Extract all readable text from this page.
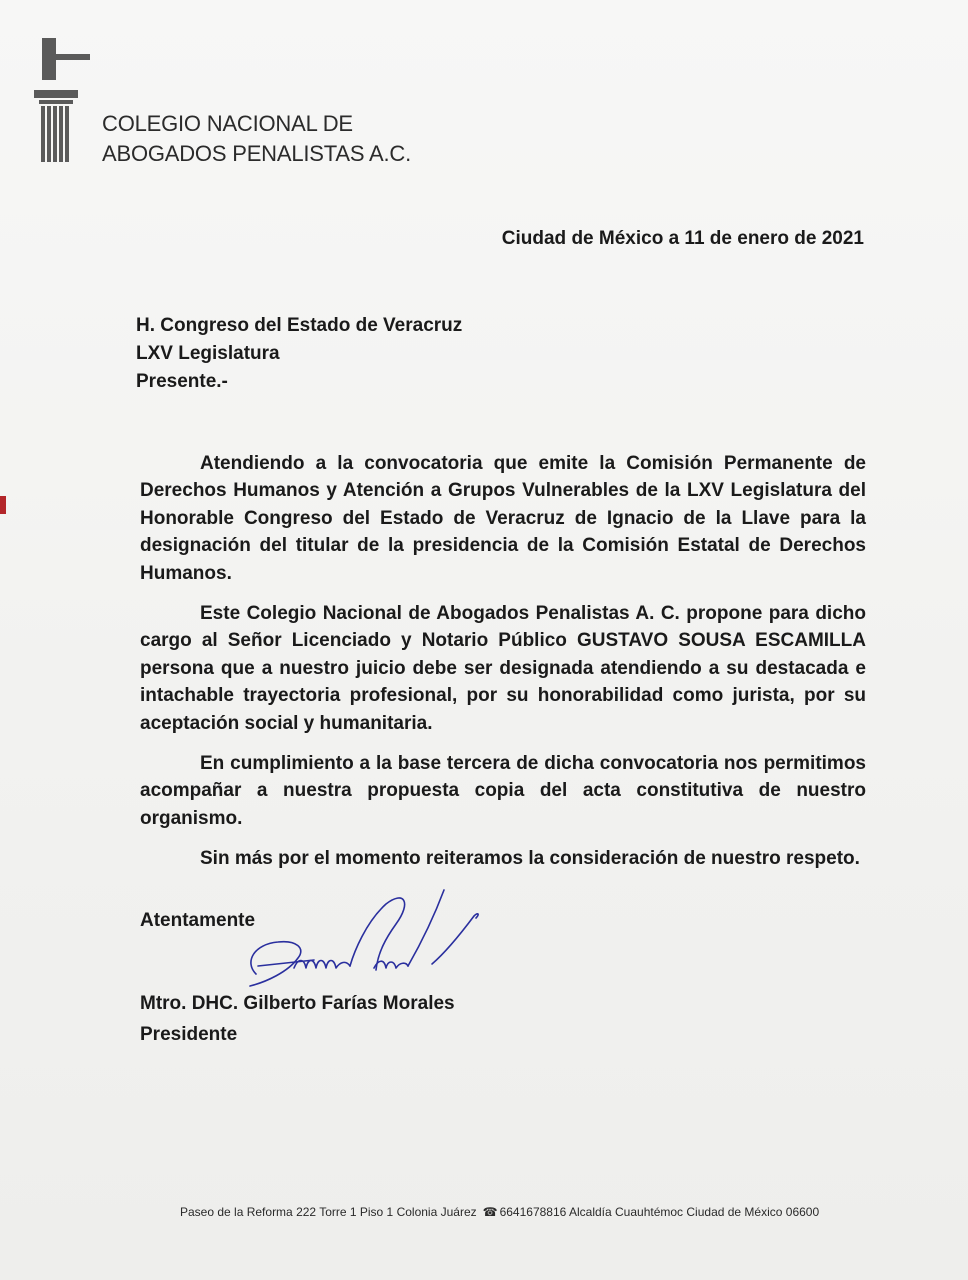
COLEGIO NACIONAL DE
ABOGADOS PENALISTAS A.C.
Ciudad de México a 11 de enero de 2021
H. Congreso del Estado de Veracruz
LXV Legislatura
Presente.-

Atendiendo a la convocatoria que emite la Comisión Permanente de Derechos Humanos y Atención a Grupos Vulnerables de la LXV Legislatura del Honorable Congreso del Estado de Veracruz de Ignacio de la Llave para la designación del titular de la presidencia de la Comisión Estatal de Derechos Humanos.

Este Colegio Nacional de Abogados Penalistas A. C. propone para dicho cargo al Señor Licenciado y Notario Público GUSTAVO SOUSA ESCAMILLA persona que a nuestro juicio debe ser designada atendiendo a su destacada e intachable trayectoria profesional, por su honorabilidad como jurista, por su aceptación social y humanitaria.

En cumplimiento a la base tercera de dicha convocatoria nos permitimos acompañar a nuestra propuesta copia del acta constitutiva de nuestro organismo.

Sin más por el momento reiteramos la consideración de nuestro respeto.

Atentamente
Mtro. DHC. Gilberto Farías Morales
Presidente
Paseo de la Reforma 222 Torre 1 Piso 1 Colonia Juárez ☎ 6641678816 Alcaldía Cuauhtémoc Ciudad de México 06600
